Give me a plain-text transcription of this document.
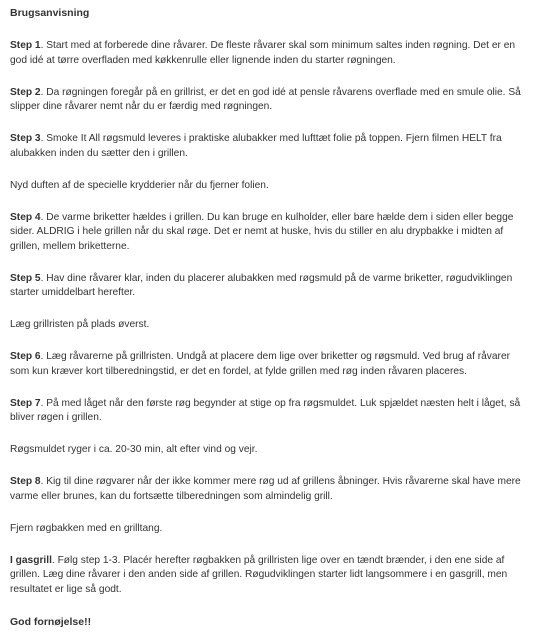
Brugsanvisning

Step 1. Start med at forberede dine råvarer. De fleste råvarer skal som minimum saltes inden røgning. Det er en god idé at tørre overfladen med køkkenrulle eller lignende inden du starter røgningen.

Step 2. Da røgningen foregår på en grillrist, er det en god idé at pensle råvarens overflade med en smule olie. Så slipper dine råvarer nemt når du er færdig med røgningen.

Step 3. Smoke It All røgsmuld leveres i praktiske alubakker med lufttæt folie på toppen. Fjern filmen HELT fra alubakken inden du sætter den i grillen.

Nyd duften af de specielle krydderier når du fjerner folien.

Step 4. De varme briketter hældes i grillen. Du kan bruge en kulholder, eller bare hælde dem i siden eller begge sider. ALDRIG i hele grillen når du skal røge. Det er nemt at huske, hvis du stiller en alu drypbakke i midten af grillen, mellem briketterne.

Step 5. Hav dine råvarer klar, inden du placerer alubakken med røgsmuld på de varme briketter, røgudviklingen starter umiddelbart herefter.

Læg grillristen på plads øverst.

Step 6. Læg råvarerne på grillristen. Undgå at placere dem lige over briketter og røgsmuld. Ved brug af råvarer som kun kræver kort tilberedningstid, er det en fordel, at fylde grillen med røg inden råvaren placeres.

Step 7. På med låget når den første røg begynder at stige op fra røgsmuldet. Luk spjældet næsten helt i låget, så bliver røgen i grillen.

Røgsmuldet ryger i ca. 20-30 min, alt efter vind og vejr.

Step 8. Kig til dine røgvarer når der ikke kommer mere røg ud af grillens åbninger. Hvis råvarerne skal have mere varme eller brunes, kan du fortsætte tilberedningen som almindelig grill.

Fjern røgbakken med en grilltang.

I gasgrill. Følg step 1-3. Placér herefter røgbakken på grillristen lige over en tændt brænder, i den ene side af grillen. Læg dine råvarer i den anden side af grillen. Røgudviklingen starter lidt langsommere i en gasgrill, men resultatet er lige så godt.

God fornøjelse!!
